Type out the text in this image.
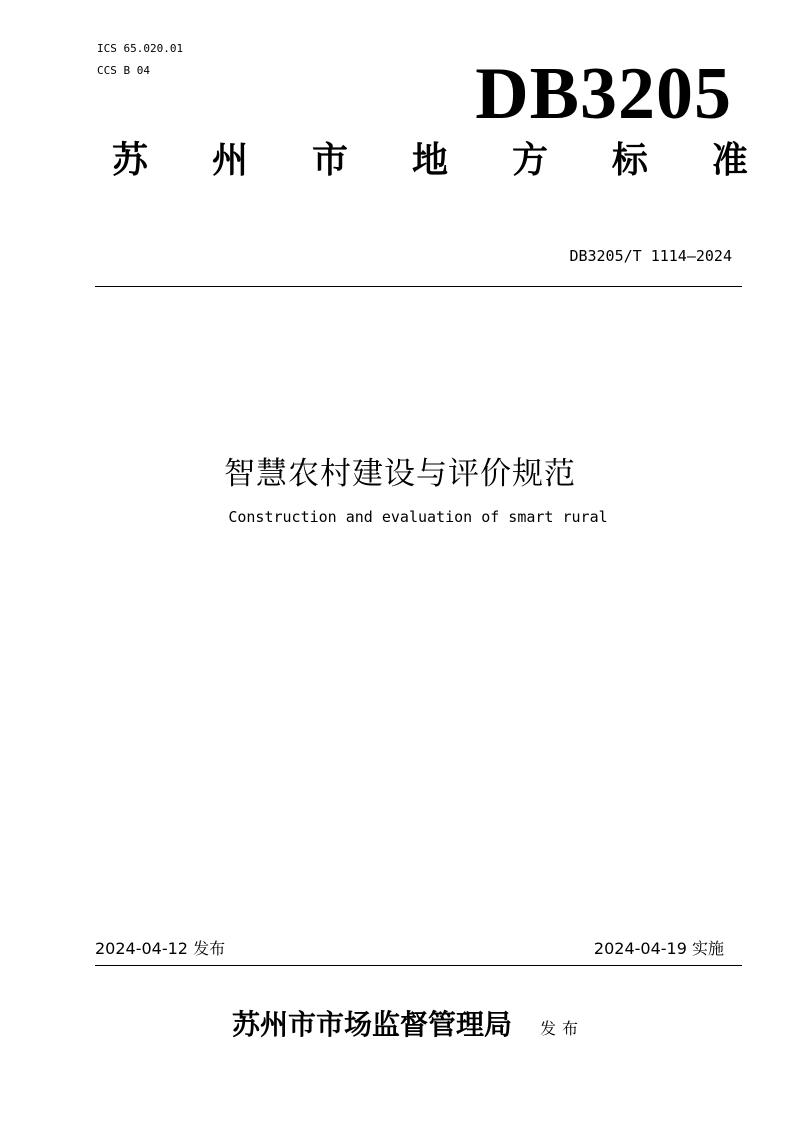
ICS 65.020.01
CCS B 04	DB3205
苏 州 市 地 方 标 准
DB3205/T 1114—2024
智慧农村建设与评价规范
Construction and evaluation of smart rural
2024-04-12 发布	2024-04-19 实施
苏州市市场监督管理局 发布
